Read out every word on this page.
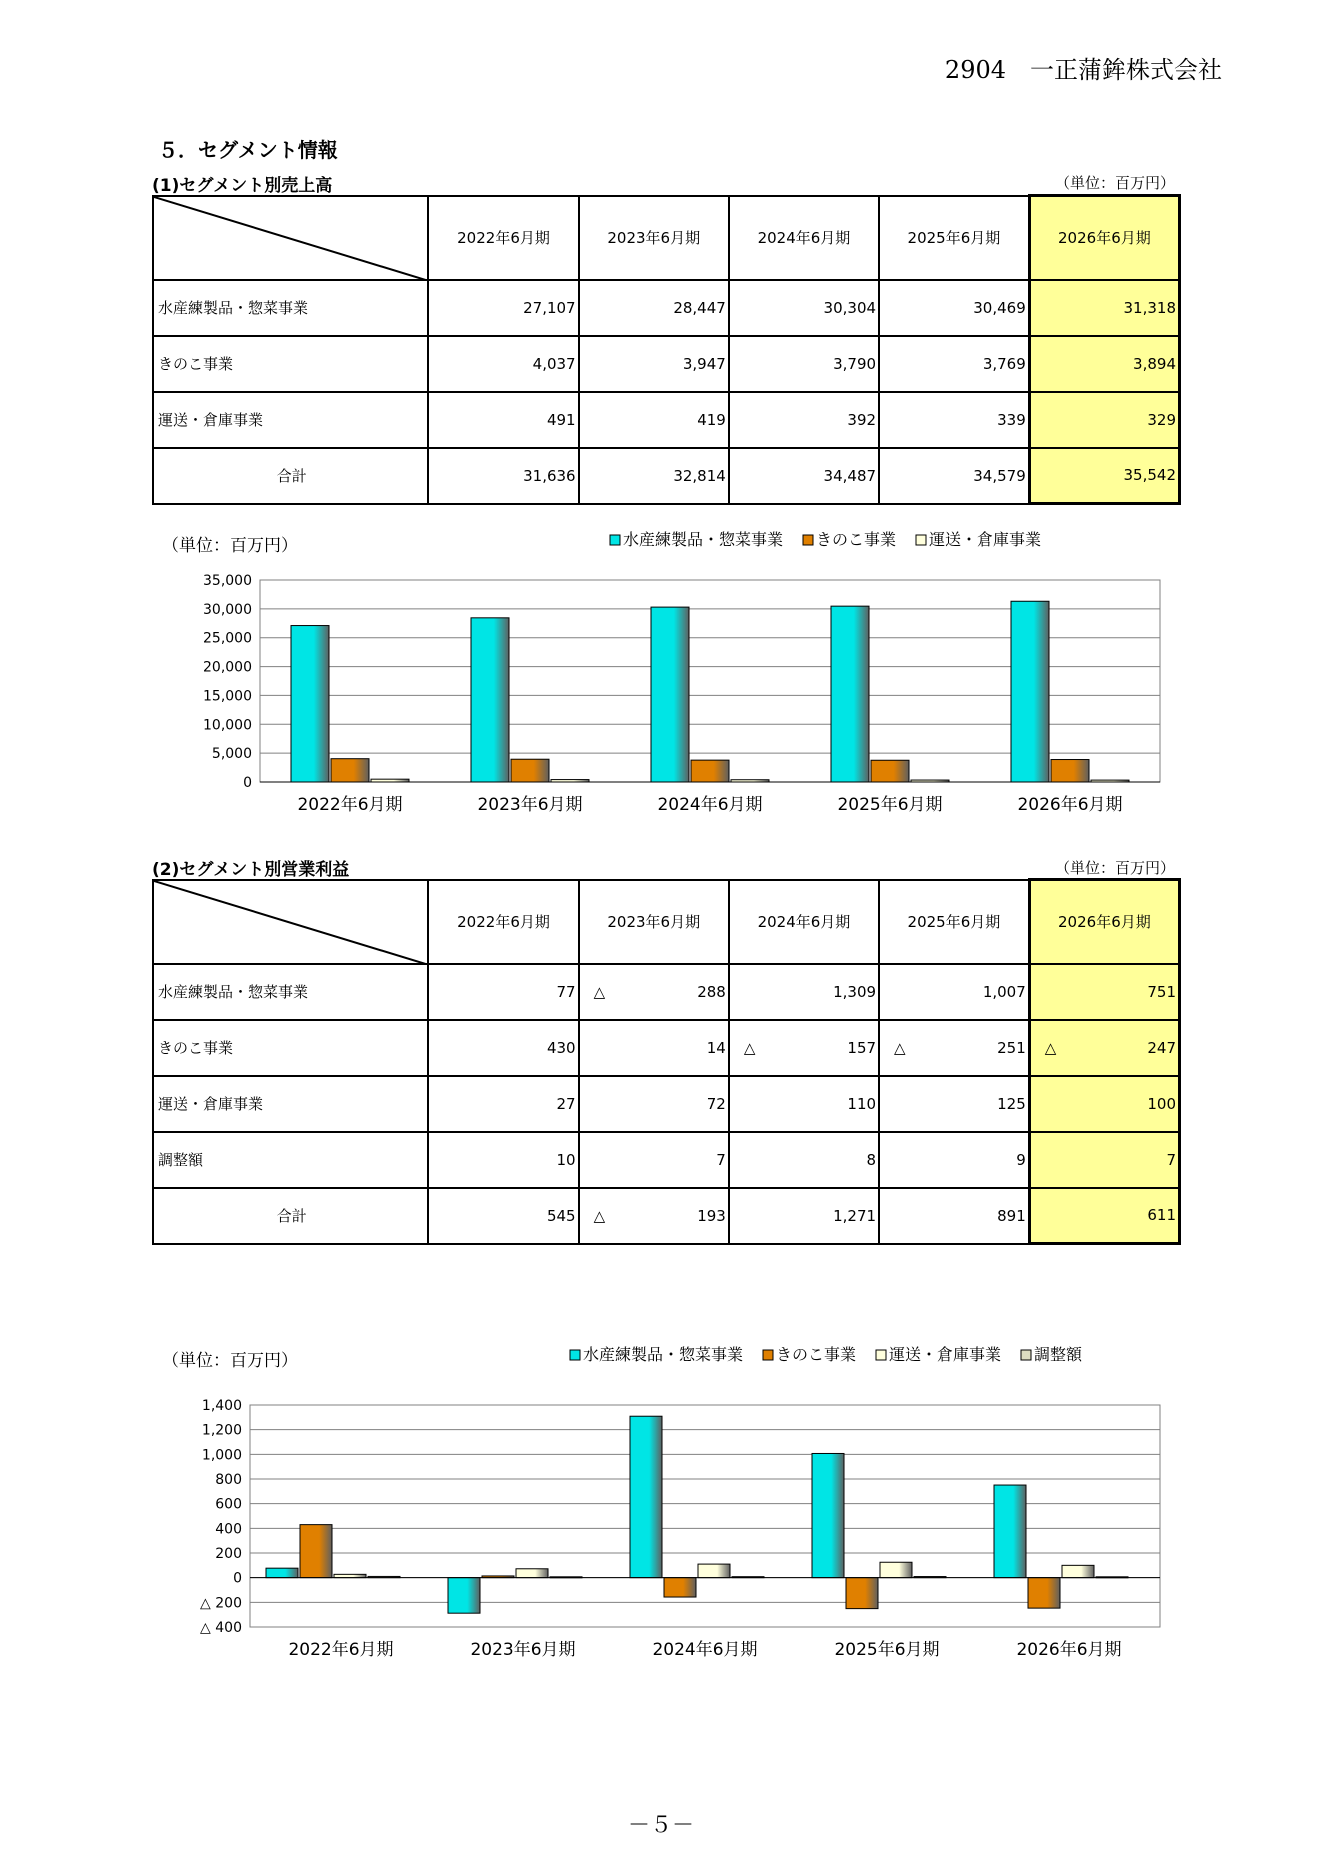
2904　一正蒲鉾株式会社
５．セグメント情報
(1)セグメント別売上高	（単位：百万円）
	2022年6月期	2023年6月期	2024年6月期	2025年6月期	2026年6月期
水産練製品・惣菜事業	27,107	28,447	30,304	30,469	31,318
きのこ事業	4,037	3,947	3,790	3,769	3,894
運送・倉庫事業	491	419	392	339	329
合計	31,636	32,814	34,487	34,579	35,542
（単位：百万円）	水産練製品・惣菜事業 きのこ事業 運送・倉庫事業
35,000
30,000
25,000
20,000
15,000
10,000
5,000
0
2022年6月期	2023年6月期	2024年6月期	2025年6月期	2026年6月期
(2)セグメント別営業利益	（単位：百万円）
	2022年6月期	2023年6月期	2024年6月期	2025年6月期	2026年6月期
水産練製品・惣菜事業	77	△ 288	1,309	1,007	751
きのこ事業	430	14	△ 157	△ 251	△ 247
運送・倉庫事業	27	72	110	125	100
調整額	10	7	8	9	7
合計	545	△ 193	1,271	891	611
（単位：百万円）	水産練製品・惣菜事業 きのこ事業 運送・倉庫事業 調整額
1,400
1,200
1,000
800
600
400
200
0
△ 200
△ 400
2022年6月期	2023年6月期	2024年6月期	2025年6月期	2026年6月期
－５－
